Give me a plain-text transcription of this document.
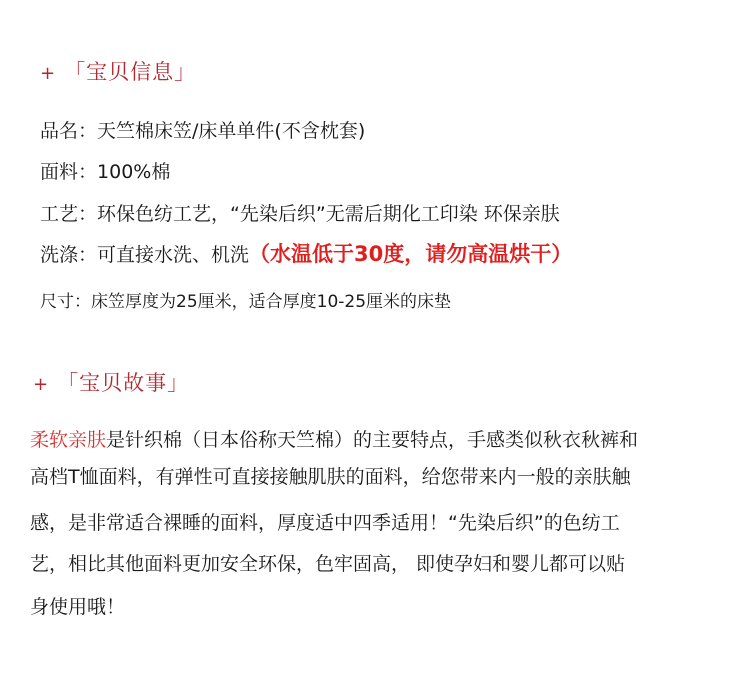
+ 「宝贝信息」
品名：天竺棉床笠/床单单件(不含枕套)
面料：100%棉
工艺：环保色纺工艺，“先染后织”无需后期化工印染 环保亲肤
洗涤：可直接水洗、机洗（水温低于30度，请勿高温烘干）
尺寸：床笠厚度为25厘米，适合厚度10-25厘米的床垫
+ 「宝贝故事」
柔软亲肤是针织棉（日本俗称天竺棉）的主要特点，手感类似秋衣秋裤和
高档T恤面料，有弹性可直接接触肌肤的面料，给您带来内一般的亲肤触
感，是非常适合裸睡的面料，厚度适中四季适用！“先染后织”的色纺工
艺，相比其他面料更加安全环保，色牢固高， 即使孕妇和婴儿都可以贴
身使用哦！
